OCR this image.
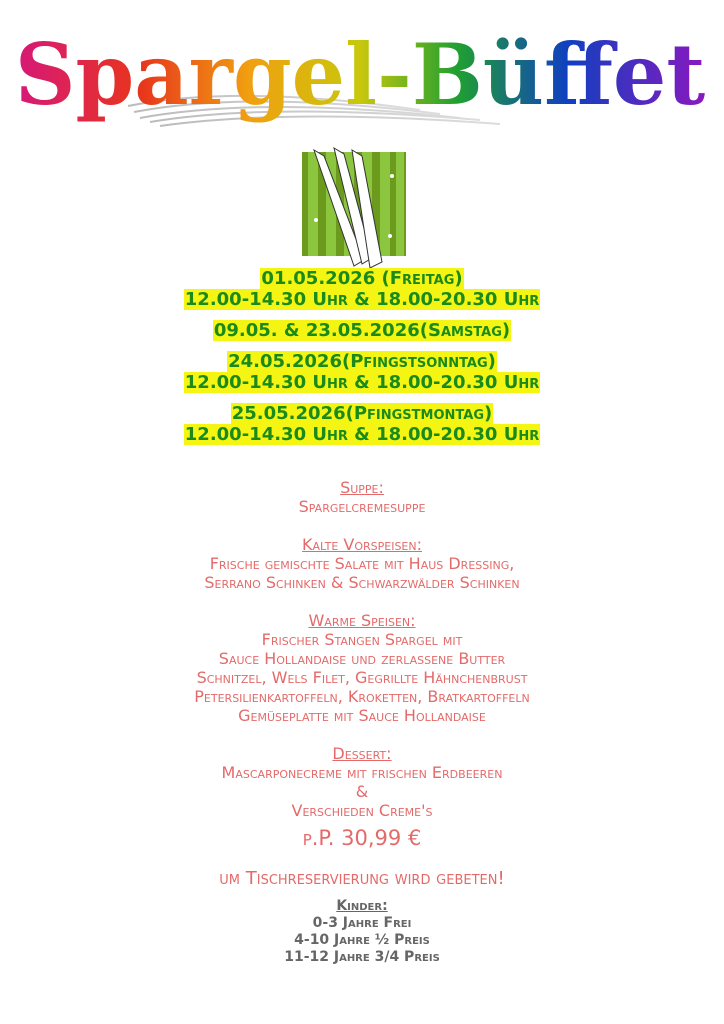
Spargel-Büffet
01.05.2026 (Freitag)
12.00-14.30 Uhr & 18.00-20.30 Uhr
09.05. & 23.05.2026(Samstag)
24.05.2026(Pfingstsonntag)
12.00-14.30 Uhr & 18.00-20.30 Uhr
25.05.2026(Pfingstmontag)
12.00-14.30 Uhr & 18.00-20.30 Uhr
Suppe:
Spargelcremesuppe
Kalte Vorspeisen:
Frische gemischte Salate mit Haus Dressing,
Serrano Schinken & Schwarzwälder Schinken
Warme Speisen:
Frischer Stangen Spargel mit
Sauce Hollandaise und zerlassene Butter
Schnitzel, Wels Filet, Gegrillte Hähnchenbrust
Petersilienkartoffeln, Kroketten, Bratkartoffeln
Gemüseplatte mit Sauce Hollandaise
Dessert:
Mascarponecreme mit frischen Erdbeeren
&
Verschieden Creme's
p.P. 30,99 €
um Tischreservierung wird gebeten!
Kinder:
0-3 Jahre Frei
4-10 Jahre ½ Preis
11-12 Jahre 3/4 Preis
